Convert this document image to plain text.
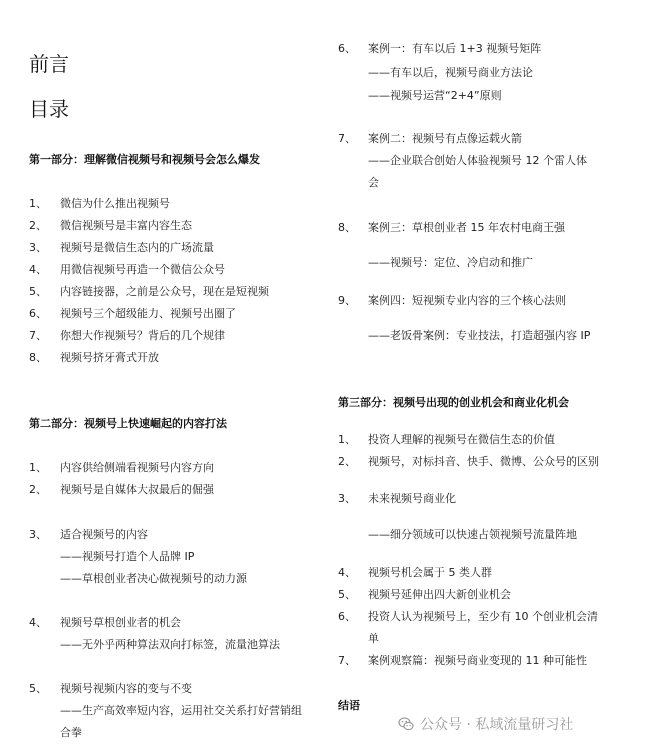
前言
目录
第一部分：理解微信视频号和视频号会怎么爆发
1、 微信为什么推出视频号
2、 微信视频号是丰富内容生态
3、 视频号是微信生态内的广场流量
4、 用微信视频号再造一个微信公众号
5、 内容链接器，之前是公众号，现在是短视频
6、 视频号三个超级能力、视频号出圈了
7、 你想大作视频号？背后的几个规律
8、 视频号挤牙膏式开放
第二部分：视频号上快速崛起的内容打法
1、 内容供给侧端看视频号内容方向
2、 视频号是自媒体大叔最后的倔强
3、 适合视频号的内容
——视频号打造个人品牌 IP
——草根创业者决心做视频号的动力源
4、 视频号草根创业者的机会
——无外乎两种算法双向打标签，流量池算法
5、 视频号视频内容的变与不变
——生产高效率短内容，运用社交关系打好营销组
合拳
6、 案例一：有车以后 1+3 视频号矩阵
——有车以后，视频号商业方法论
——视频号运营“2+4”原则
7、 案例二：视频号有点像运载火箭
——企业联合创始人体验视频号 12 个雷人体
会
8、 案例三：草根创业者 15 年农村电商王强
——视频号：定位、冷启动和推广
9、 案例四：短视频专业内容的三个核心法则
——老饭骨案例：专业技法，打造超强内容 IP
第三部分：视频号出现的创业机会和商业化机会
1、 投资人理解的视频号在微信生态的价值
2、 视频号，对标抖音、快手、微博、公众号的区别
3、 未来视频号商业化
——细分领域可以快速占领视频号流量阵地
4、 视频号机会属于 5 类人群
5、 视频号延伸出四大新创业机会
6、 投资人认为视频号上，至少有 10 个创业机会清
单
7、 案例观察篇：视频号商业变现的 11 种可能性
结语
公众号 · 私域流量研习社
